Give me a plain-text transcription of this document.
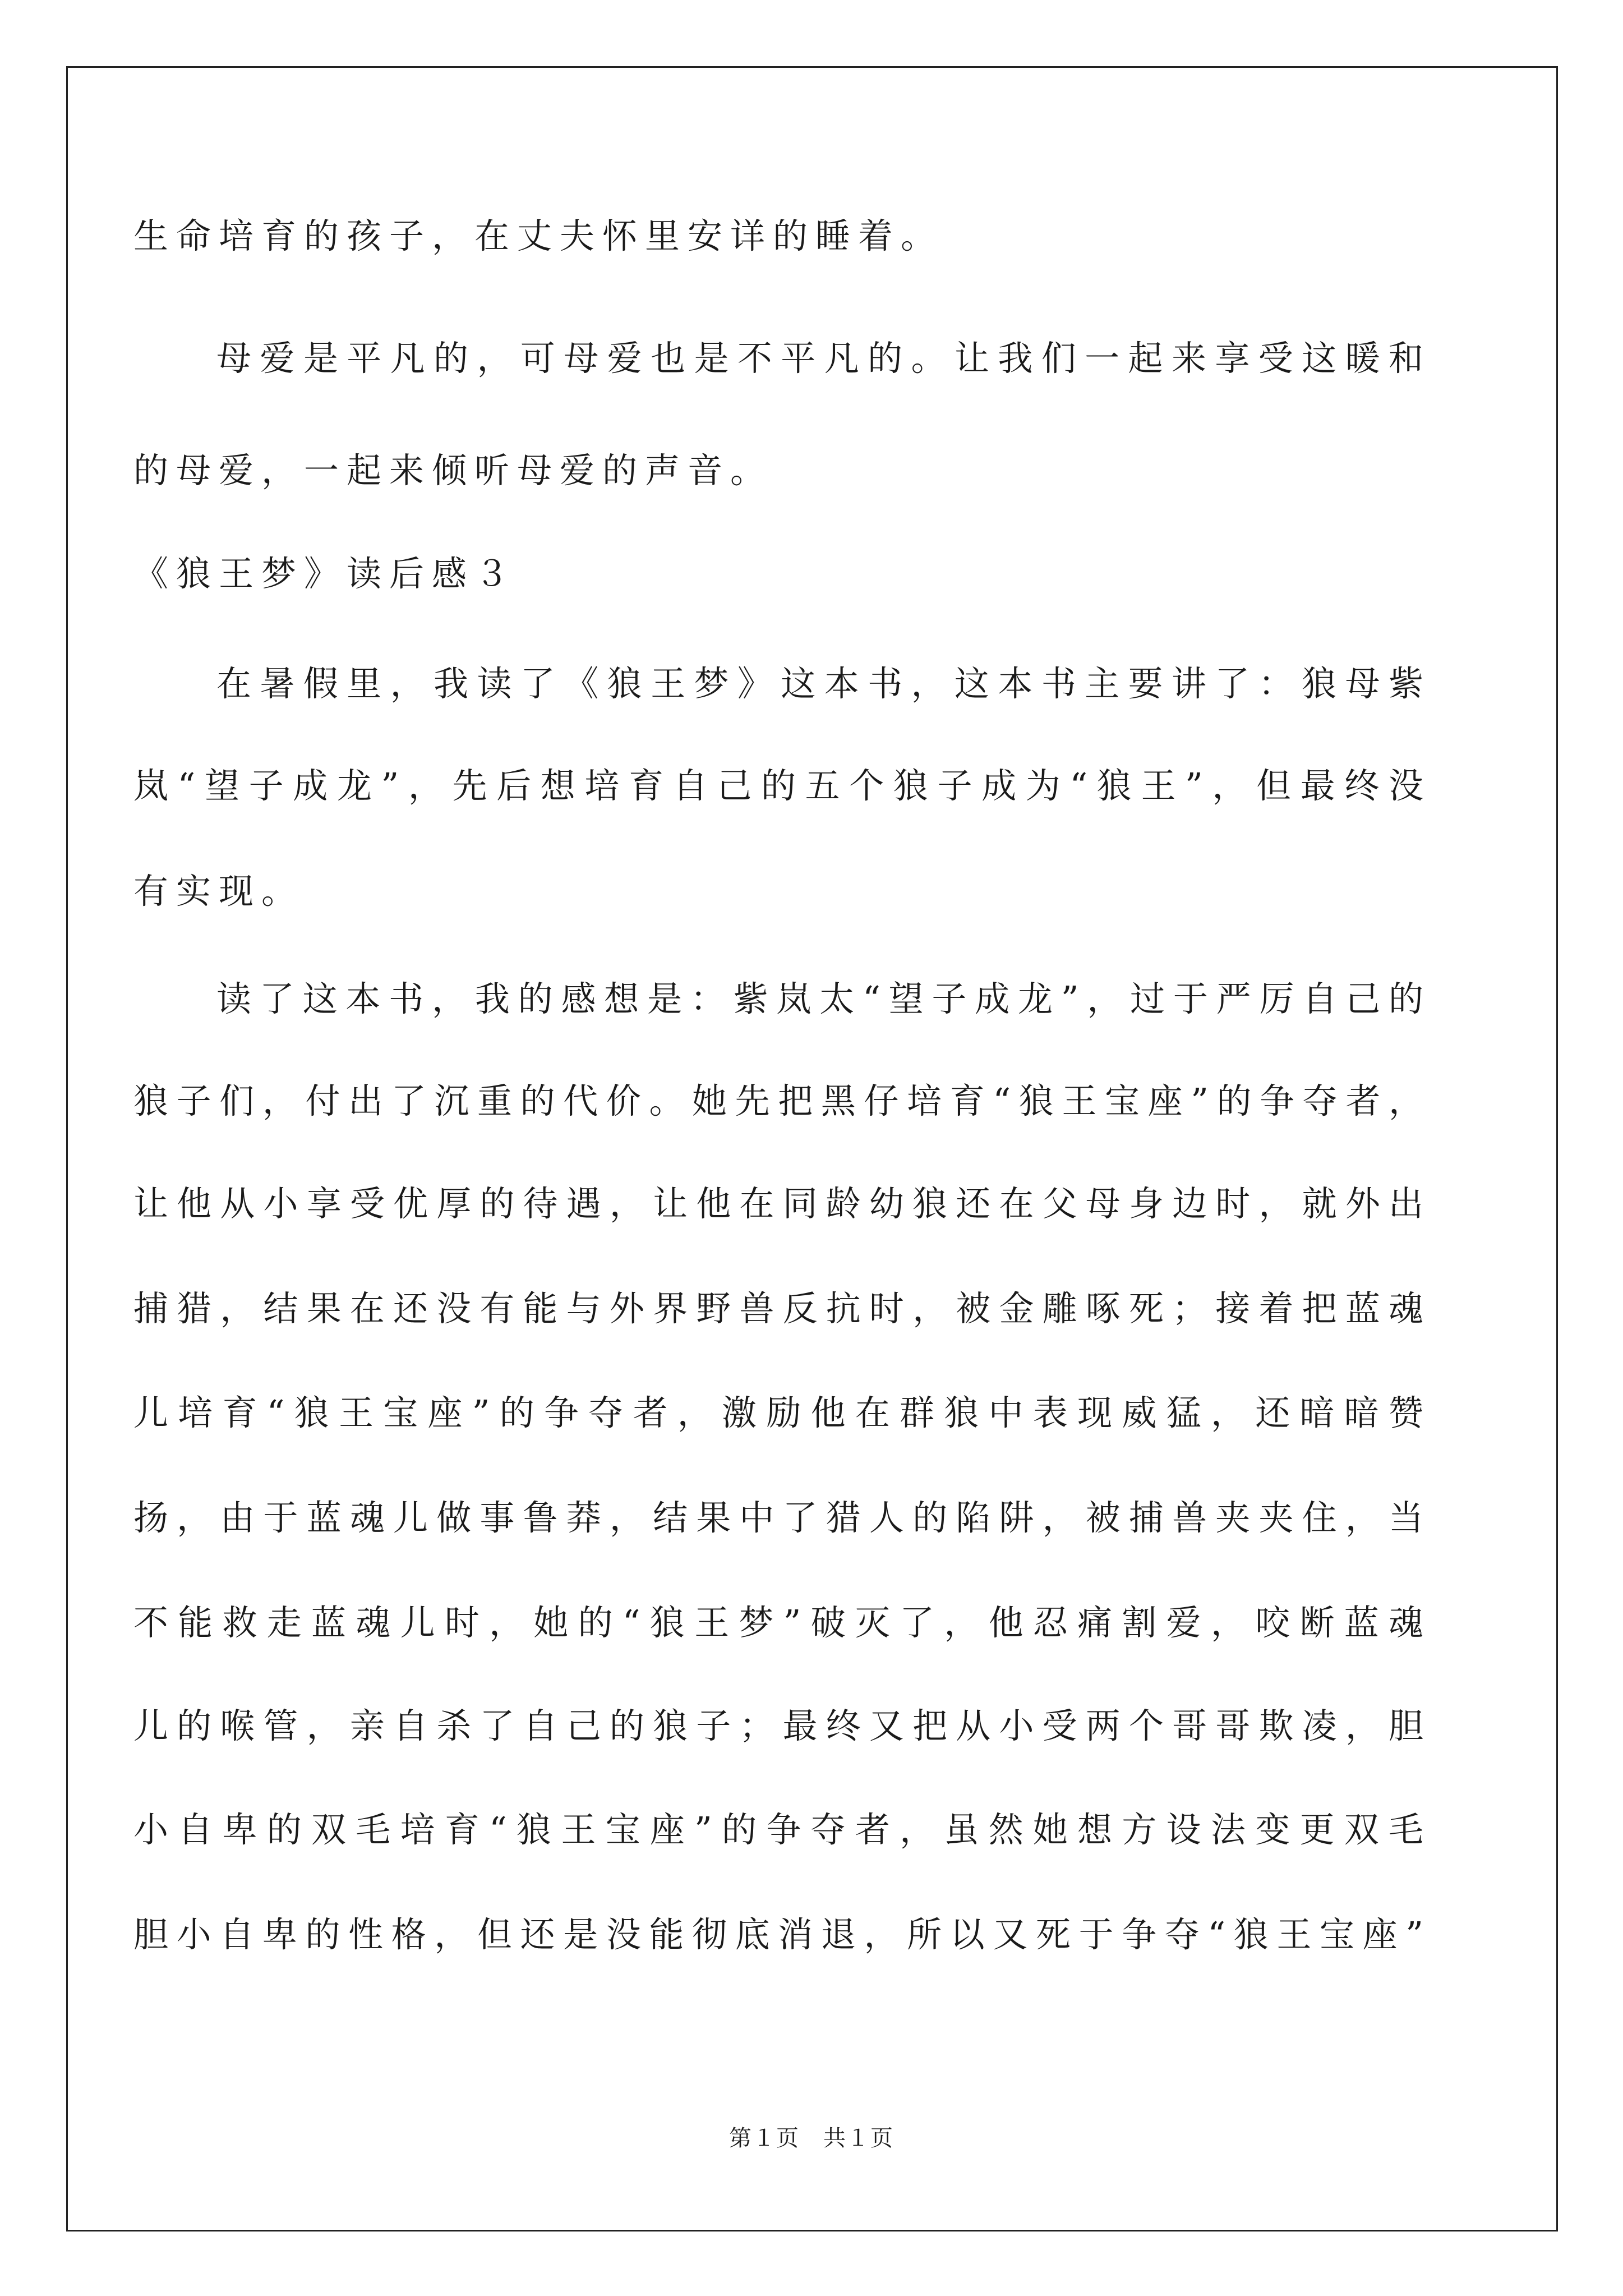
生命培育的孩子，在丈夫怀里安详的睡着。
母爱是平凡的，可母爱也是不平凡的。让我们一起来享受这暖和
的母爱，一起来倾听母爱的声音。
《狼王梦》读后感３
在暑假里，我读了《狼王梦》这本书，这本书主要讲了：狼母紫
岚“望子成龙”，先后想培育自己的五个狼子成为“狼王”，但最终没
有实现。
读了这本书，我的感想是：紫岚太“望子成龙”，过于严厉自己的
狼子们，付出了沉重的代价。她先把黑仔培育“狼王宝座”的争夺者，
让他从小享受优厚的待遇，让他在同龄幼狼还在父母身边时，就外出
捕猎，结果在还没有能与外界野兽反抗时，被金雕啄死；接着把蓝魂
儿培育“狼王宝座”的争夺者，激励他在群狼中表现威猛，还暗暗赞
扬，由于蓝魂儿做事鲁莽，结果中了猎人的陷阱，被捕兽夹夹住，当
不能救走蓝魂儿时，她的“狼王梦”破灭了，他忍痛割爱，咬断蓝魂
儿的喉管，亲自杀了自己的狼子；最终又把从小受两个哥哥欺凌，胆
小自卑的双毛培育“狼王宝座”的争夺者，虽然她想方设法变更双毛
胆小自卑的性格，但还是没能彻底消退，所以又死于争夺“狼王宝座”
第１页　共１页
